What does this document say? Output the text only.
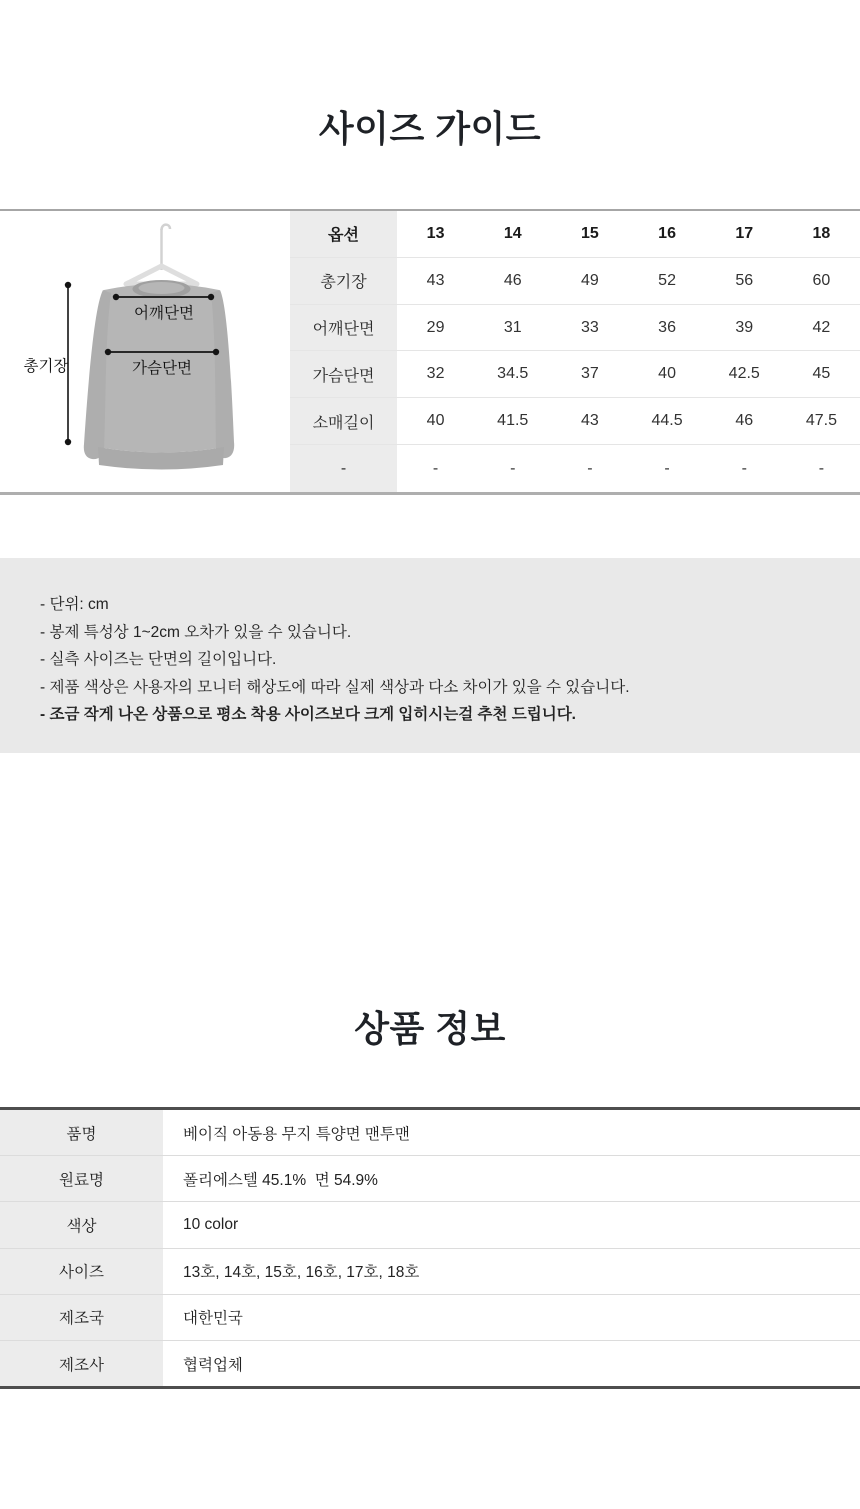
사이즈 가이드
총기장
어깨단면
가슴단면
옵션	13	14	15	16	17	18
총기장	43	46	49	52	56	60
어깨단면	29	31	33	36	39	42
가슴단면	32	34.5	37	40	42.5	45
소매길이	40	41.5	43	44.5	46	47.5
-	-	-	-	-	-	-
- 단위: cm
- 봉제 특성상 1~2cm 오차가 있을 수 있습니다.
- 실측 사이즈는 단면의 길이입니다.
- 제품 색상은 사용자의 모니터 해상도에 따라 실제 색상과 다소 차이가 있을 수 있습니다.
- 조금 작게 나온 상품으로 평소 착용 사이즈보다 크게 입히시는걸 추천 드립니다.
상품 정보
품명	베이직 아동용 무지 특양면 맨투맨
원료명	폴리에스텔 45.1%  면 54.9%
색상	10 color
사이즈	13호, 14호, 15호, 16호, 17호, 18호
제조국	대한민국
제조사	협력업체
